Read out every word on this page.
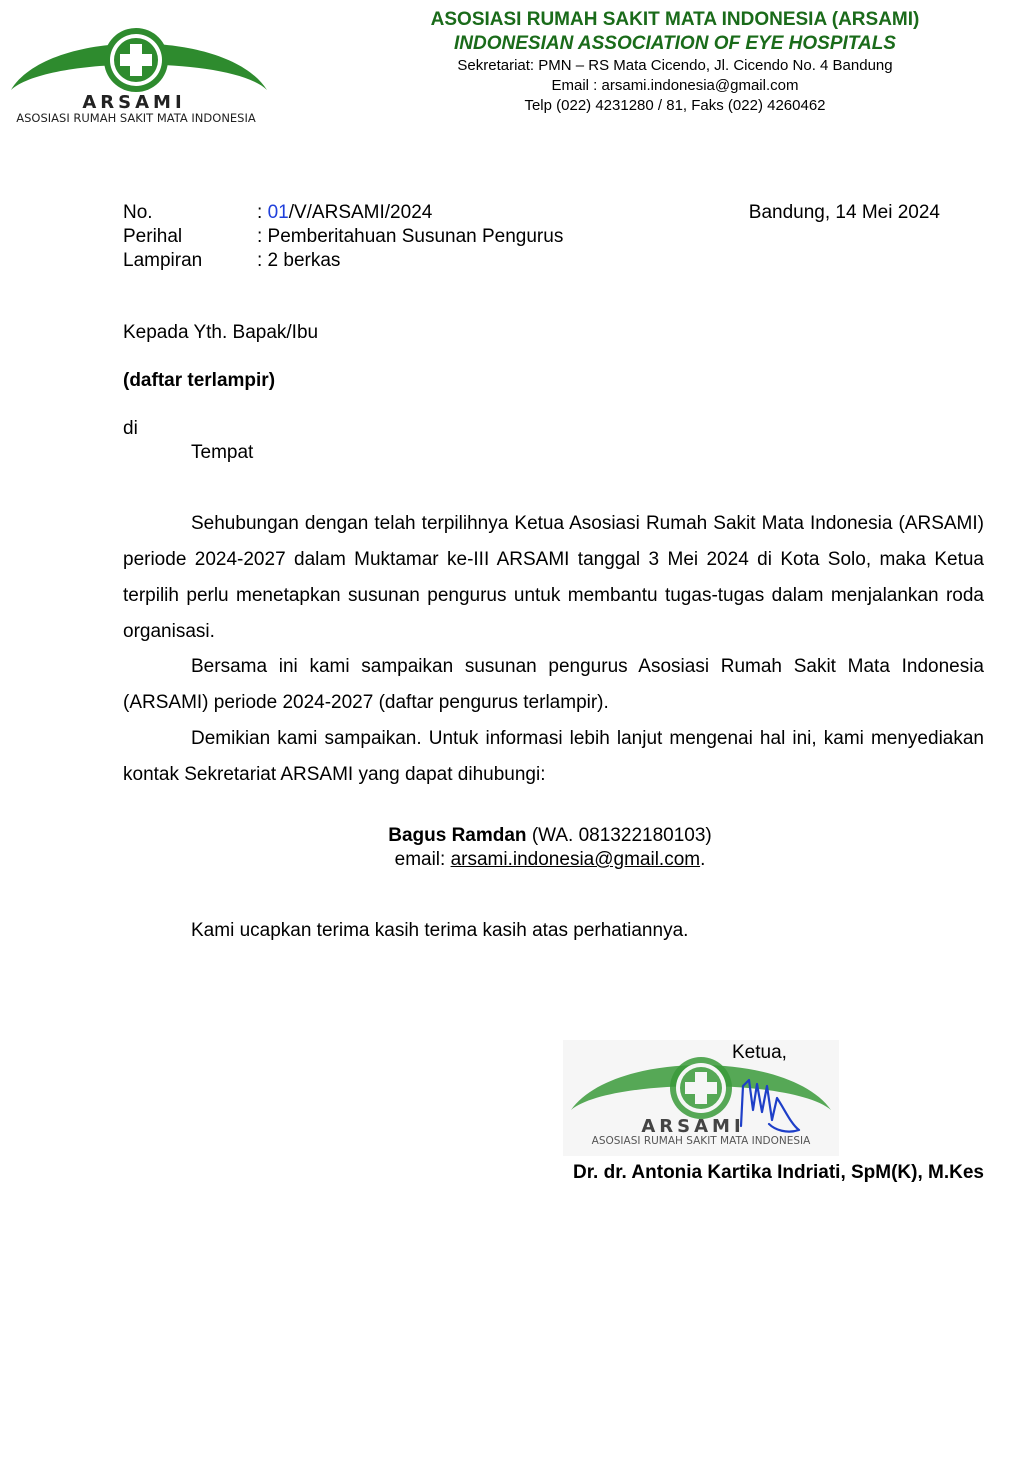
ARSAMI
ASOSIASI RUMAH SAKIT MATA INDONESIA
ASOSIASI RUMAH SAKIT MATA INDONESIA (ARSAMI)
INDONESIAN ASSOCIATION OF EYE HOSPITALS
Sekretariat: PMN – RS Mata Cicendo, Jl. Cicendo No. 4 Bandung
Email : arsami.indonesia@gmail.com
Telp (022) 4231280 / 81, Faks (022) 4260462
No.	: 01/V/ARSAMI/2024	Bandung, 14 Mei 2024
Perihal	: Pemberitahuan Susunan Pengurus
Lampiran	: 2 berkas
Kepada Yth. Bapak/Ibu
(daftar terlampir)
di
Tempat
Sehubungan dengan telah terpilihnya Ketua Asosiasi Rumah Sakit Mata Indonesia (ARSAMI) periode 2024-2027 dalam Muktamar ke-III ARSAMI tanggal 3 Mei 2024 di Kota Solo, maka Ketua terpilih perlu menetapkan susunan pengurus untuk membantu tugas-tugas dalam menjalankan roda organisasi.
Bersama ini kami sampaikan susunan pengurus Asosiasi Rumah Sakit Mata Indonesia (ARSAMI) periode 2024-2027 (daftar pengurus terlampir).
Demikian kami sampaikan. Untuk informasi lebih lanjut mengenai hal ini, kami menyediakan kontak Sekretariat ARSAMI yang dapat dihubungi:
Bagus Ramdan (WA. 081322180103)
email: arsami.indonesia@gmail.com.
Kami ucapkan terima kasih terima kasih atas perhatiannya.
ARSAMI
ASOSIASI RUMAH SAKIT MATA INDONESIA
Ketua,
Dr. dr. Antonia Kartika Indriati, SpM(K), M.Kes
